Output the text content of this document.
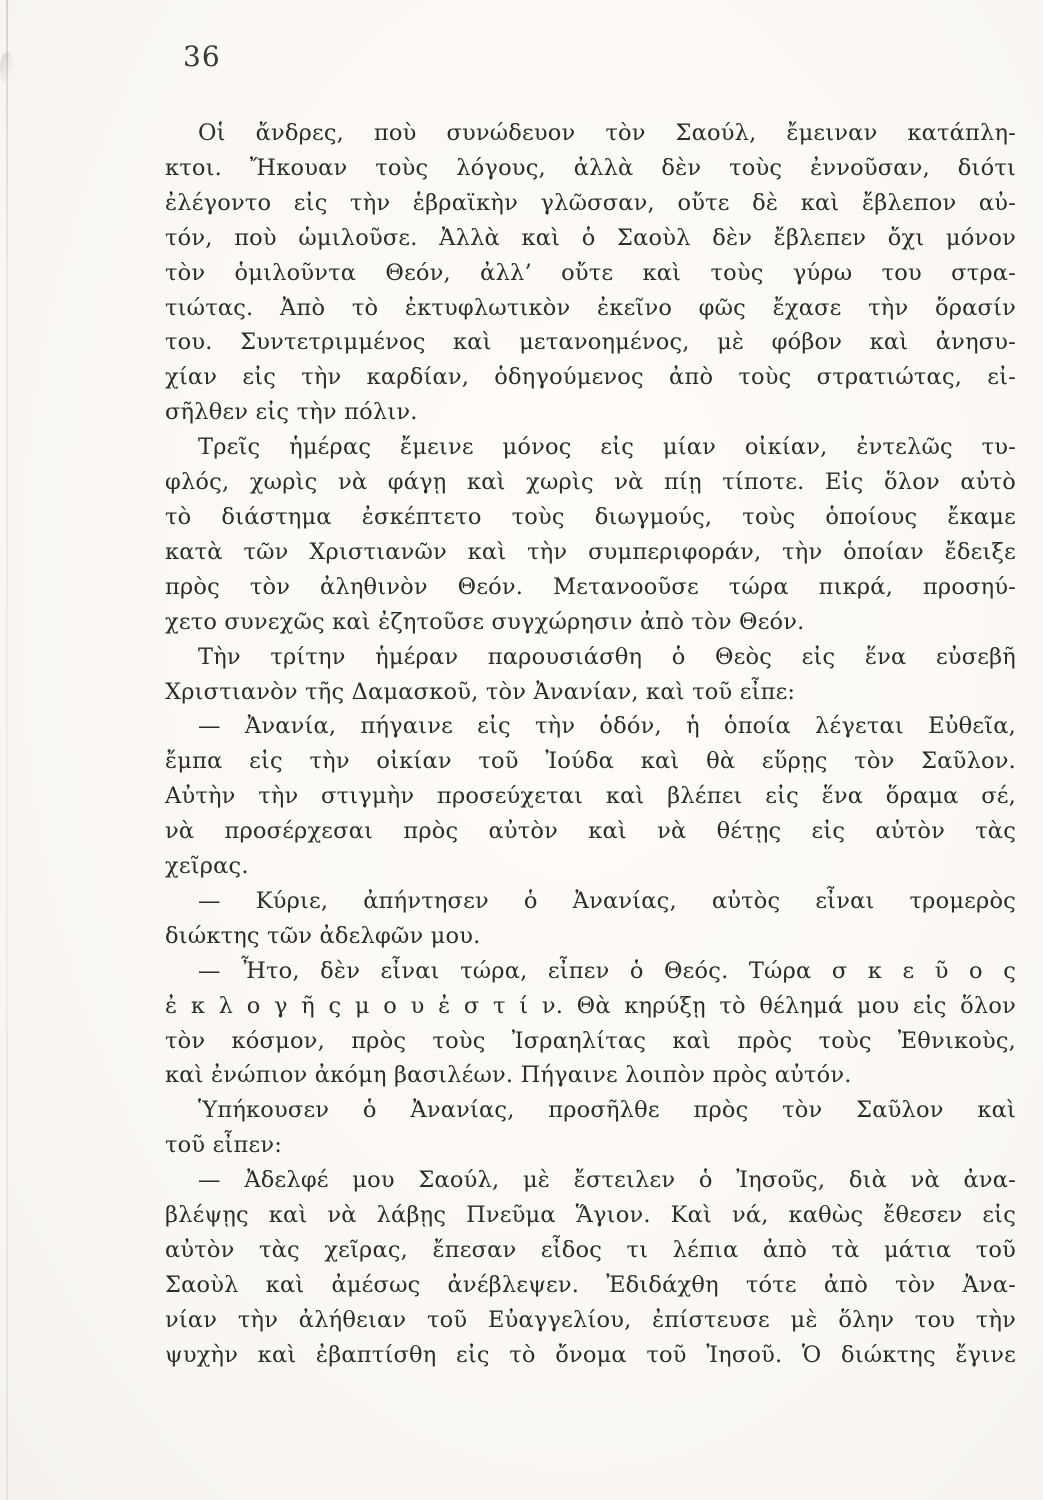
36
Οἱ ἄνδρες, ποὺ συνώδευον τὸν Σαούλ, ἔμειναν κατάπλη-
κτοι. Ἤκουαν τοὺς λόγους, ἀλλὰ δὲν τοὺς ἐννοῦσαν, διότι
ἐλέγοντο εἰς τὴν ἑβραϊκὴν γλῶσσαν, οὔτε δὲ καὶ ἔβλεπον αὐ-
τόν, ποὺ ὡμιλοῦσε. Ἀλλὰ καὶ ὁ Σαοὺλ δὲν ἔβλεπεν ὄχι μόνον
τὸν ὁμιλοῦντα Θεόν, ἀλλ’ οὔτε καὶ τοὺς γύρω του στρα-
τιώτας. Ἀπὸ τὸ ἐκτυφλωτικὸν ἐκεῖνο φῶς ἔχασε τὴν ὅρασίν
του. Συντετριμμένος καὶ μετανοημένος, μὲ φόβον καὶ ἀνησυ-
χίαν εἰς τὴν καρδίαν, ὁδηγούμενος ἀπὸ τοὺς στρατιώτας, εἰ-
σῆλθεν εἰς τὴν πόλιν.
Τρεῖς ἡμέρας ἔμεινε μόνος εἰς μίαν οἰκίαν, ἐντελῶς τυ-
φλός, χωρὶς νὰ φάγῃ καὶ χωρὶς νὰ πίῃ τίποτε. Εἰς ὅλον αὐτὸ
τὸ διάστημα ἐσκέπτετο τοὺς διωγμούς, τοὺς ὁποίους ἔκαμε
κατὰ τῶν Χριστιανῶν καὶ τὴν συμπεριφοράν, τὴν ὁποίαν ἔδειξε
πρὸς τὸν ἀληθινὸν Θεόν. Μετανοοῦσε τώρα πικρά, προσηύ-
χετο συνεχῶς καὶ ἐζητοῦσε συγχώρησιν ἀπὸ τὸν Θεόν.
Τὴν τρίτην ἡμέραν παρουσιάσθη ὁ Θεὸς εἰς ἕνα εὐσεβῆ
Χριστιανὸν τῆς Δαμασκοῦ, τὸν Ἀνανίαν, καὶ τοῦ εἶπε:
— Ἀνανία, πήγαινε εἰς τὴν ὁδόν, ἡ ὁποία λέγεται Εὐθεῖα,
ἔμπα εἰς τὴν οἰκίαν τοῦ Ἰούδα καὶ θὰ εὕρῃς τὸν Σαῦλον.
Αὐτὴν τὴν στιγμὴν προσεύχεται καὶ βλέπει εἰς ἕνα ὅραμα σέ,
νὰ προσέρχεσαι πρὸς αὐτὸν καὶ νὰ θέτῃς εἰς αὐτὸν τὰς
χεῖρας.
— Κύριε, ἀπήντησεν ὁ Ἀνανίας, αὐτὸς εἶναι τρομερὸς
διώκτης τῶν ἀδελφῶν μου.
— Ἦτο, δὲν εἶναι τώρα, εἶπεν ὁ Θεός. Τώρα σ κ ε ῦ ο ς
ἐ κ λ ο γ ῆ ς μ ο υ ἐ σ τ ί ν. Θὰ κηρύξῃ τὸ θέλημά μου εἰς ὅλον
τὸν κόσμον, πρὸς τοὺς Ἰσραηλίτας καὶ πρὸς τοὺς Ἐθνικοὺς,
καὶ ἐνώπιον ἀκόμη βασιλέων. Πήγαινε λοιπὸν πρὸς αὐτόν.
Ὑπήκουσεν ὁ Ἀνανίας, προσῆλθε πρὸς τὸν Σαῦλον καὶ
τοῦ εἶπεν:
— Ἀδελφέ μου Σαούλ, μὲ ἔστειλεν ὁ Ἰησοῦς, διὰ νὰ ἀνα-
βλέψῃς καὶ νὰ λάβῃς Πνεῦμα Ἅγιον. Καὶ νά, καθὼς ἔθεσεν εἰς
αὐτὸν τὰς χεῖρας, ἔπεσαν εἶδος τι λέπια ἀπὸ τὰ μάτια τοῦ
Σαοὺλ καὶ ἀμέσως ἀνέβλεψεν. Ἐδιδάχθη τότε ἀπὸ τὸν Ἀνα-
νίαν τὴν ἀλήθειαν τοῦ Εὐαγγελίου, ἐπίστευσε μὲ ὅλην του τὴν
ψυχὴν καὶ ἐβαπτίσθη εἰς τὸ ὄνομα τοῦ Ἰησοῦ. Ὁ διώκτης ἔγινε
